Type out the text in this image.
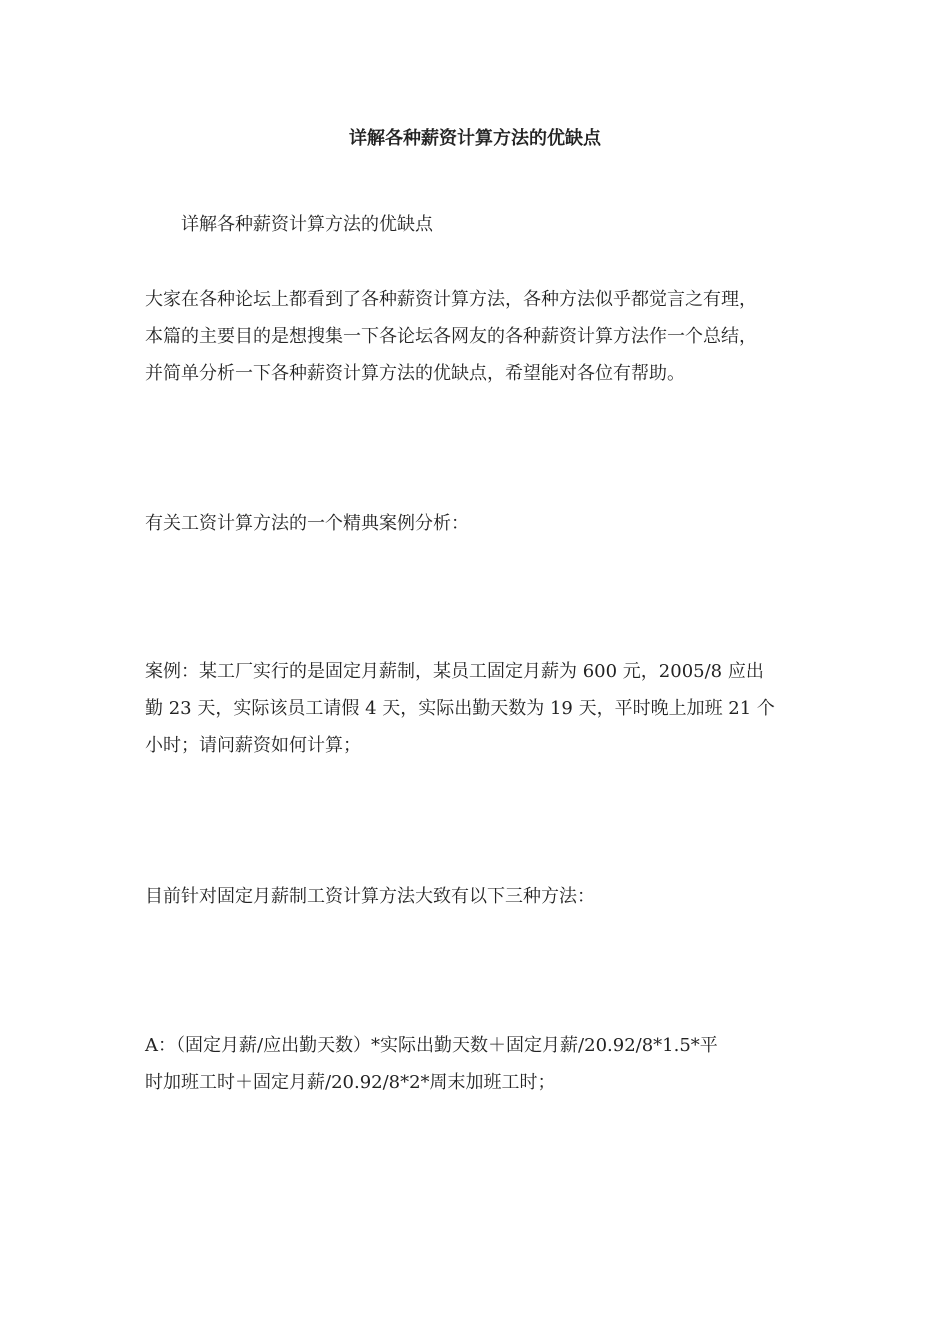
详解各种薪资计算方法的优缺点

详解各种薪资计算方法的优缺点

大家在各种论坛上都看到了各种薪资计算方法，各种方法似乎都觉言之有理，
本篇的主要目的是想搜集一下各论坛各网友的各种薪资计算方法作一个总结，
并简单分析一下各种薪资计算方法的优缺点，希望能对各位有帮助。

有关工资计算方法的一个精典案例分析：

案例：某工厂实行的是固定月薪制，某员工固定月薪为 600 元，2005/8 应出
勤 23 天，实际该员工请假 4 天，实际出勤天数为 19 天，平时晚上加班 21 个
小时；请问薪资如何计算；

目前针对固定月薪制工资计算方法大致有以下三种方法：

A：（固定月薪/应出勤天数）*实际出勤天数＋固定月薪/20.92/8*1.5*平
时加班工时＋固定月薪/20.92/8*2*周末加班工时；
